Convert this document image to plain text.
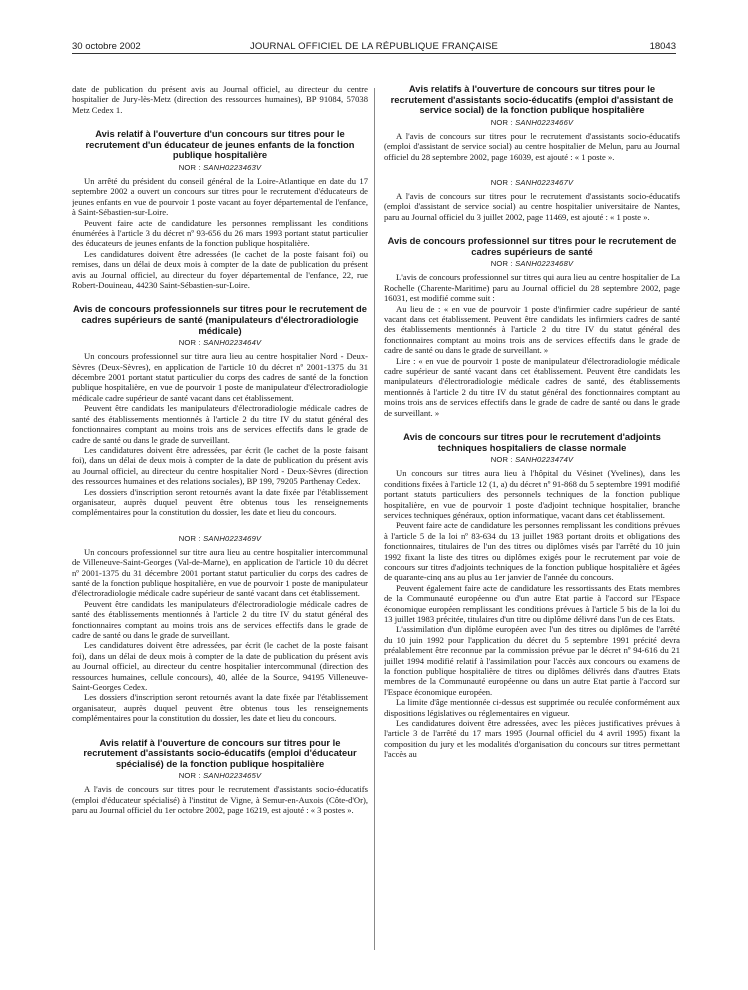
30 octobre 2002	JOURNAL OFFICIEL DE LA RÉPUBLIQUE FRANÇAISE	18043

date de publication du présent avis au Journal officiel, au directeur du centre hospitalier de Jury-lès-Metz (direction des ressources humaines), BP 91084, 57038 Metz Cedex 1.

Avis relatif à l'ouverture d'un concours sur titres pour le recrutement d'un éducateur de jeunes enfants de la fonction publique hospitalière
NOR : SANH0223463V

Un arrêté du président du conseil général de la Loire-Atlantique en date du 17 septembre 2002 a ouvert un concours sur titres pour le recrutement d'éducateurs de jeunes enfants en vue de pourvoir 1 poste vacant au foyer départemental de l'enfance, à Saint-Sébastien-sur-Loire.

Peuvent faire acte de candidature les personnes remplissant les conditions énumérées à l'article 3 du décret nº 93-656 du 26 mars 1993 portant statut particulier des éducateurs de jeunes enfants de la fonction publique hospitalière.

Les candidatures doivent être adressées (le cachet de la poste faisant foi) ou remises, dans un délai de deux mois à compter de la date de publication du présent avis au Journal officiel, au directeur du foyer départemental de l'enfance, 22, rue Robert-Douineau, 44230 Saint-Sébastien-sur-Loire.

Avis de concours professionnels sur titres pour le recrutement de cadres supérieurs de santé (manipulateurs d'électroradiologie médicale)
NOR : SANH0223464V

Un concours professionnel sur titre aura lieu au centre hospitalier Nord - Deux-Sèvres (Deux-Sèvres), en application de l'article 10 du décret nº 2001-1375 du 31 décembre 2001 portant statut particulier du corps des cadres de santé de la fonction publique hospitalière, en vue de pourvoir 1 poste de manipulateur d'électroradiologie médicale cadre supérieur de santé vacant dans cet établissement.

Peuvent être candidats les manipulateurs d'électroradiologie médicale cadres de santé des établissements mentionnés à l'article 2 du titre IV du statut général des fonctionnaires comptant au moins trois ans de services effectifs dans le grade de cadre de santé ou dans le grade de surveillant.

Les candidatures doivent être adressées, par écrit (le cachet de la poste faisant foi), dans un délai de deux mois à compter de la date de publication du présent avis au Journal officiel, au directeur du centre hospitalier Nord - Deux-Sèvres (direction des ressources humaines et des relations sociales), BP 199, 79205 Parthenay Cedex.

Les dossiers d'inscription seront retournés avant la date fixée par l'établissement organisateur, auprès duquel peuvent être obtenus tous les renseignements complémentaires pour la constitution du dossier, les date et lieu du concours.

NOR : SANH0223469V

Un concours professionnel sur titre aura lieu au centre hospitalier intercommunal de Villeneuve-Saint-Georges (Val-de-Marne), en application de l'article 10 du décret nº 2001-1375 du 31 décembre 2001 portant statut particulier du corps des cadres de santé de la fonction publique hospitalière, en vue de pourvoir 1 poste de manipulateur d'électroradiologie médicale cadre supérieur de santé vacant dans cet établissement.

Peuvent être candidats les manipulateurs d'électroradiologie médicale cadres de santé des établissements mentionnés à l'article 2 du titre IV du statut général des fonctionnaires comptant au moins trois ans de services effectifs dans le grade de cadre de santé ou dans le grade de surveillant.

Les candidatures doivent être adressées, par écrit (le cachet de la poste faisant foi), dans un délai de deux mois à compter de la date de publication du présent avis au Journal officiel, au directeur du centre hospitalier intercommunal (direction des ressources humaines, cellule concours), 40, allée de la Source, 94195 Villeneuve-Saint-Georges Cedex.

Les dossiers d'inscription seront retournés avant la date fixée par l'établissement organisateur, auprès duquel peuvent être obtenus tous les renseignements complémentaires pour la constitution du dossier, les date et lieu du concours.

Avis relatif à l'ouverture de concours sur titres pour le recrutement d'assistants socio-éducatifs (emploi d'éducateur spécialisé) de la fonction publique hospitalière
NOR : SANH0223465V

A l'avis de concours sur titres pour le recrutement d'assistants socio-éducatifs (emploi d'éducateur spécialisé) à l'institut de Vigne, à Semur-en-Auxois (Côte-d'Or), paru au Journal officiel du 1er octobre 2002, page 16219, est ajouté : « 3 postes ».

Avis relatifs à l'ouverture de concours sur titres pour le recrutement d'assistants socio-éducatifs (emploi d'assistant de service social) de la fonction publique hospitalière
NOR : SANH0223466V

A l'avis de concours sur titres pour le recrutement d'assistants socio-éducatifs (emploi d'assistant de service social) au centre hospitalier de Melun, paru au Journal officiel du 28 septembre 2002, page 16039, est ajouté : « 1 poste ».

NOR : SANH0223467V

A l'avis de concours sur titres pour le recrutement d'assistants socio-éducatifs (emploi d'assistant de service social) au centre hospitalier universitaire de Nantes, paru au Journal officiel du 3 juillet 2002, page 11469, est ajouté : « 1 poste ».

Avis de concours professionnel sur titres pour le recrutement de cadres supérieurs de santé
NOR : SANH0223468V

L'avis de concours professionnel sur titres qui aura lieu au centre hospitalier de La Rochelle (Charente-Maritime) paru au Journal officiel du 28 septembre 2002, page 16031, est modifié comme suit :

Au lieu de : « en vue de pourvoir 1 poste d'infirmier cadre supérieur de santé vacant dans cet établissement. Peuvent être candidats les infirmiers cadres de santé des établissements mentionnés à l'article 2 du titre IV du statut général des fonctionnaires comptant au moins trois ans de services effectifs dans le grade de cadre de santé ou dans le grade de surveillant. »

Lire : « en vue de pourvoir 1 poste de manipulateur d'électroradiologie médicale cadre supérieur de santé vacant dans cet établissement. Peuvent être candidats les manipulateurs d'électroradiologie médicale cadres de santé, des établissements mentionnés à l'article 2 du titre IV du statut général des fonctionnaires comptant au moins trois ans de services effectifs dans le grade de cadre de santé ou dans le grade de surveillant. »

Avis de concours sur titres pour le recrutement d'adjoints techniques hospitaliers de classe normale
NOR : SANH0223474V

Un concours sur titres aura lieu à l'hôpital du Vésinet (Yvelines), dans les conditions fixées à l'article 12 (1, a) du décret nº 91-868 du 5 septembre 1991 modifié portant statuts particuliers des personnels techniques de la fonction publique hospitalière, en vue de pourvoir 1 poste d'adjoint technique hospitalier, branche services techniques généraux, option informatique, vacant dans cet établissement.

Peuvent faire acte de candidature les personnes remplissant les conditions prévues à l'article 5 de la loi nº 83-634 du 13 juillet 1983 portant droits et obligations des fonctionnaires, titulaires de l'un des titres ou diplômes visés par l'arrêté du 10 juin 1992 fixant la liste des titres ou diplômes exigés pour le recrutement par voie de concours sur titres d'adjoints techniques de la fonction publique hospitalière et âgées de quarante-cinq ans au plus au 1er janvier de l'année du concours.

Peuvent également faire acte de candidature les ressortissants des Etats membres de la Communauté européenne ou d'un autre Etat partie à l'accord sur l'Espace économique européen remplissant les conditions prévues à l'article 5 bis de la loi du 13 juillet 1983 précitée, titulaires d'un titre ou diplôme délivré dans l'un de ces Etats.

L'assimilation d'un diplôme européen avec l'un des titres ou diplômes de l'arrêté du 10 juin 1992 pour l'application du décret du 5 septembre 1991 précité devra préalablement être reconnue par la commission prévue par le décret nº 94-616 du 21 juillet 1994 modifié relatif à l'assimilation pour l'accès aux concours ou examens de la fonction publique hospitalière de titres ou diplômes délivrés dans d'autres Etats membres de la Communauté européenne ou dans un autre Etat partie à l'accord sur l'Espace économique européen.

La limite d'âge mentionnée ci-dessus est supprimée ou reculée conformément aux dispositions législatives ou réglementaires en vigueur.

Les candidatures doivent être adressées, avec les pièces justificatives prévues à l'article 3 de l'arrêté du 17 mars 1995 (Journal officiel du 4 avril 1995) fixant la composition du jury et les modalités d'organisation du concours sur titres permettant l'accès au
